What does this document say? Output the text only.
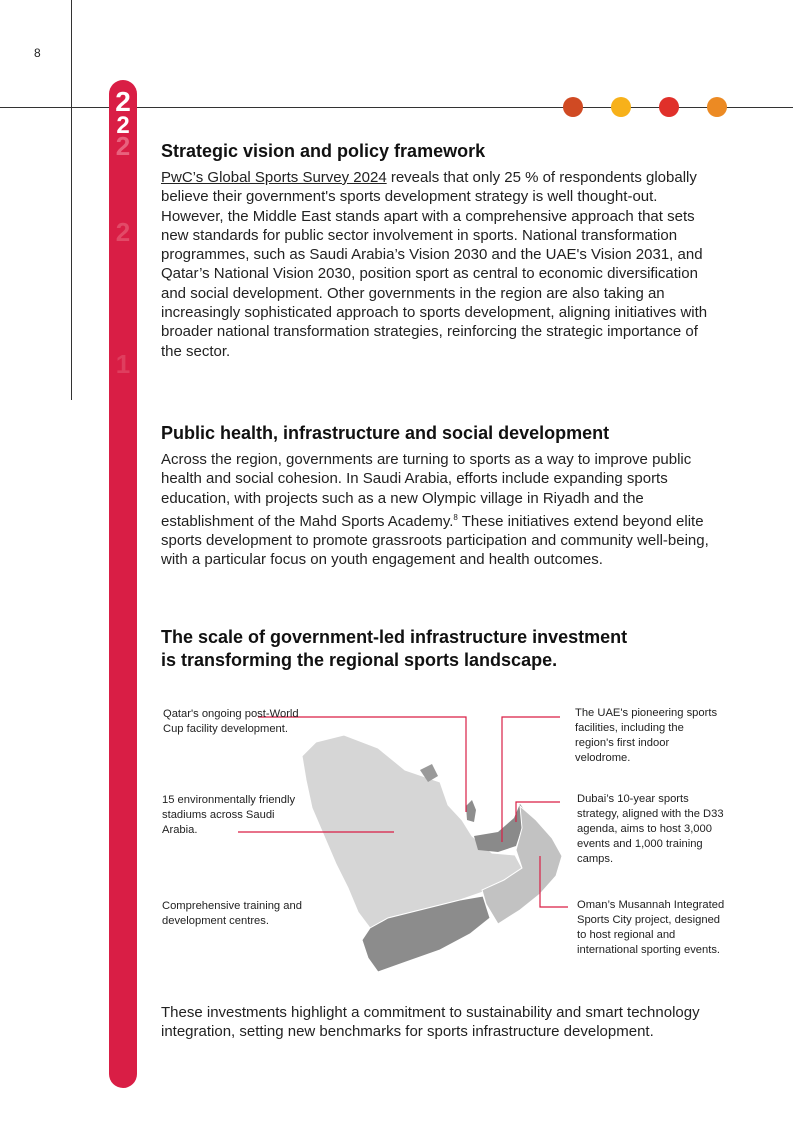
8
2
2
2
2
1
Strategic vision and policy framework

PwC’s Global Sports Survey 2024 reveals that only 25 % of respondents globally believe their government's sports development strategy is well thought-out. However, the Middle East stands apart with a comprehensive approach that sets new standards for public sector involvement in sports. National transformation programmes, such as Saudi Arabia’s Vision 2030 and the UAE's Vision 2031, and Qatar’s National Vision 2030, position sport as central to economic diversification and social development. Other governments in the region are also taking an increasingly sophisticated approach to sports development, aligning initiatives with broader national transformation strategies, reinforcing the strategic importance of the sector.

Public health, infrastructure and social development

Across the region, governments are turning to sports as a way to improve public health and social cohesion. In Saudi Arabia, efforts include expanding sports education, with projects such as a new Olympic village in Riyadh and the establishment of the Mahd Sports Academy.$^8$ These initiatives extend beyond elite sports development to promote grassroots participation and community well-being, with a particular focus on youth engagement and health outcomes.

The scale of government-led infrastructure investment
is transforming the regional sports landscape.
Qatar's ongoing post-World Cup facility development.
15 environmentally friendly stadiums across Saudi Arabia.
Comprehensive training and development centres.
The UAE's pioneering sports facilities, including the region's first indoor velodrome.
Dubai’s 10-year sports strategy, aligned with the D33 agenda, aims to host 3,000 events and 1,000 training camps.
Oman’s Musannah Integrated Sports City project, designed to host regional and international sporting events.

These investments highlight a commitment to sustainability and smart technology integration, setting new benchmarks for sports infrastructure development.
